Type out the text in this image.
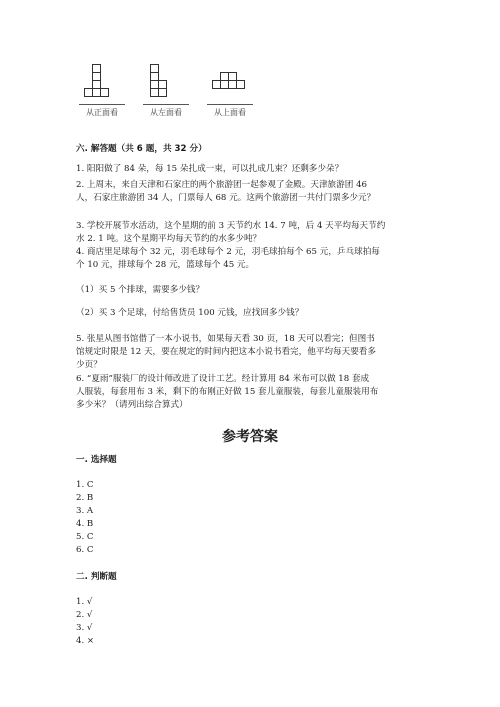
从正面看	从左面看	从上面看
六. 解答题（共 6 题，共 32 分）
1. 阳阳做了 84 朵，每 15 朵扎成一束，可以扎成几束？还剩多少朵？
2. 上周末，来自天津和石家庄的两个旅游团一起参观了金殿。天津旅游团 46
人，石家庄旅游团 34 人，门票每人 68 元。这两个旅游团一共付门票多少元？
3. 学校开展节水活动，这个星期的前 3 天节约水 14. 7 吨，后 4 天平均每天节约
水 2. 1 吨。这个星期平均每天节约的水多少吨？
4. 商店里足球每个 32 元，羽毛球每个 2 元，羽毛球拍每个 65 元，乒乓球拍每
个 10 元，排球每个 28 元，篮球每个 45 元。
（1）买 5 个排球，需要多少钱？
（2）买 3 个足球，付给售货员 100 元钱，应找回多少钱？
5. 张星从图书馆借了一本小说书，如果每天看 30 页，18 天可以看完；但图书
馆规定时限是 12 天，要在规定的时间内把这本小说书看完，他平均每天要看多
少页？
6. “夏雨”服装厂的设计师改进了设计工艺。经计算用 84 米布可以做 18 套成
人服装，每套用布 3 米，剩下的布刚正好做 15 套儿童服装，每套儿童服装用布
多少米？（请列出综合算式）
参考答案
一. 选择题
1. C
2. B
3. A
4. B
5. C
6. C
二. 判断题
1. √
2. √
3. √
4. ×
